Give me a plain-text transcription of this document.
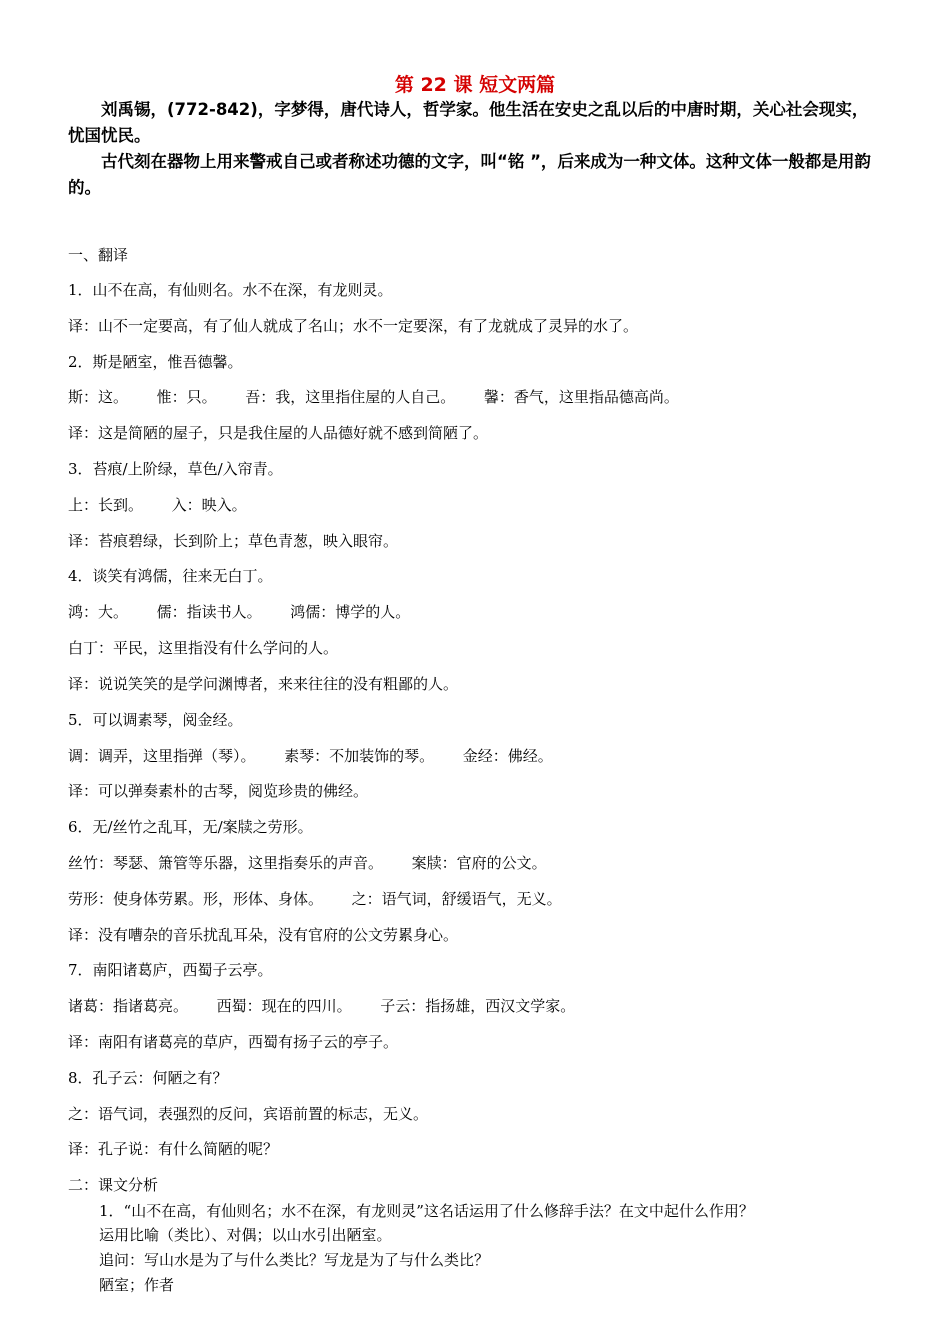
第 22 课 短文两篇

刘禹锡，(772-842)，字梦得，唐代诗人，哲学家。他生活在安史之乱以后的中唐时期，关心社会现实，忧国忧民。

古代刻在器物上用来警戒自己或者称述功德的文字，叫“铭 ”，后来成为一种文体。这种文体一般都是用韵的。

一、翻译
1．山不在高，有仙则名。水不在深，有龙则灵。
译：山不一定要高，有了仙人就成了名山；水不一定要深，有了龙就成了灵异的水了。
2．斯是陋室，惟吾德馨。
斯：这。      惟：只。      吾：我，这里指住屋的人自己。      馨：香气，这里指品德高尚。
译：这是简陋的屋子，只是我住屋的人品德好就不感到简陋了。
3．苔痕/上阶绿，草色/入帘青。
上：长到。      入：映入。
译：苔痕碧绿，长到阶上；草色青葱，映入眼帘。
4．谈笑有鸿儒，往来无白丁。
鸿：大。      儒：指读书人。      鸿儒：博学的人。
白丁：平民，这里指没有什么学问的人。
译：说说笑笑的是学问渊博者，来来往往的没有粗鄙的人。
5．可以调素琴，阅金经。
调：调弄，这里指弹（琴）。      素琴：不加装饰的琴。      金经：佛经。
译：可以弹奏素朴的古琴，阅览珍贵的佛经。
6．无/丝竹之乱耳，无/案牍之劳形。
丝竹：琴瑟、箫管等乐器，这里指奏乐的声音。      案牍：官府的公文。
劳形：使身体劳累。形，形体、身体。      之：语气词，舒缓语气，无义。
译：没有嘈杂的音乐扰乱耳朵，没有官府的公文劳累身心。
7．南阳诸葛庐，西蜀子云亭。
诸葛：指诸葛亮。      西蜀：现在的四川。      子云：指扬雄，西汉文学家。
译：南阳有诸葛亮的草庐，西蜀有扬子云的亭子。
8．孔子云：何陋之有？
之：语气词，表强烈的反问，宾语前置的标志，无义。
译：孔子说：有什么简陋的呢？
二：课文分析
1．“山不在高，有仙则名；水不在深，有龙则灵”这名话运用了什么修辞手法？在文中起什么作用？
运用比喻（类比）、对偶；以山水引出陋室。
追问：写山水是为了与什么类比？写龙是为了与什么类比？
陋室；作者
